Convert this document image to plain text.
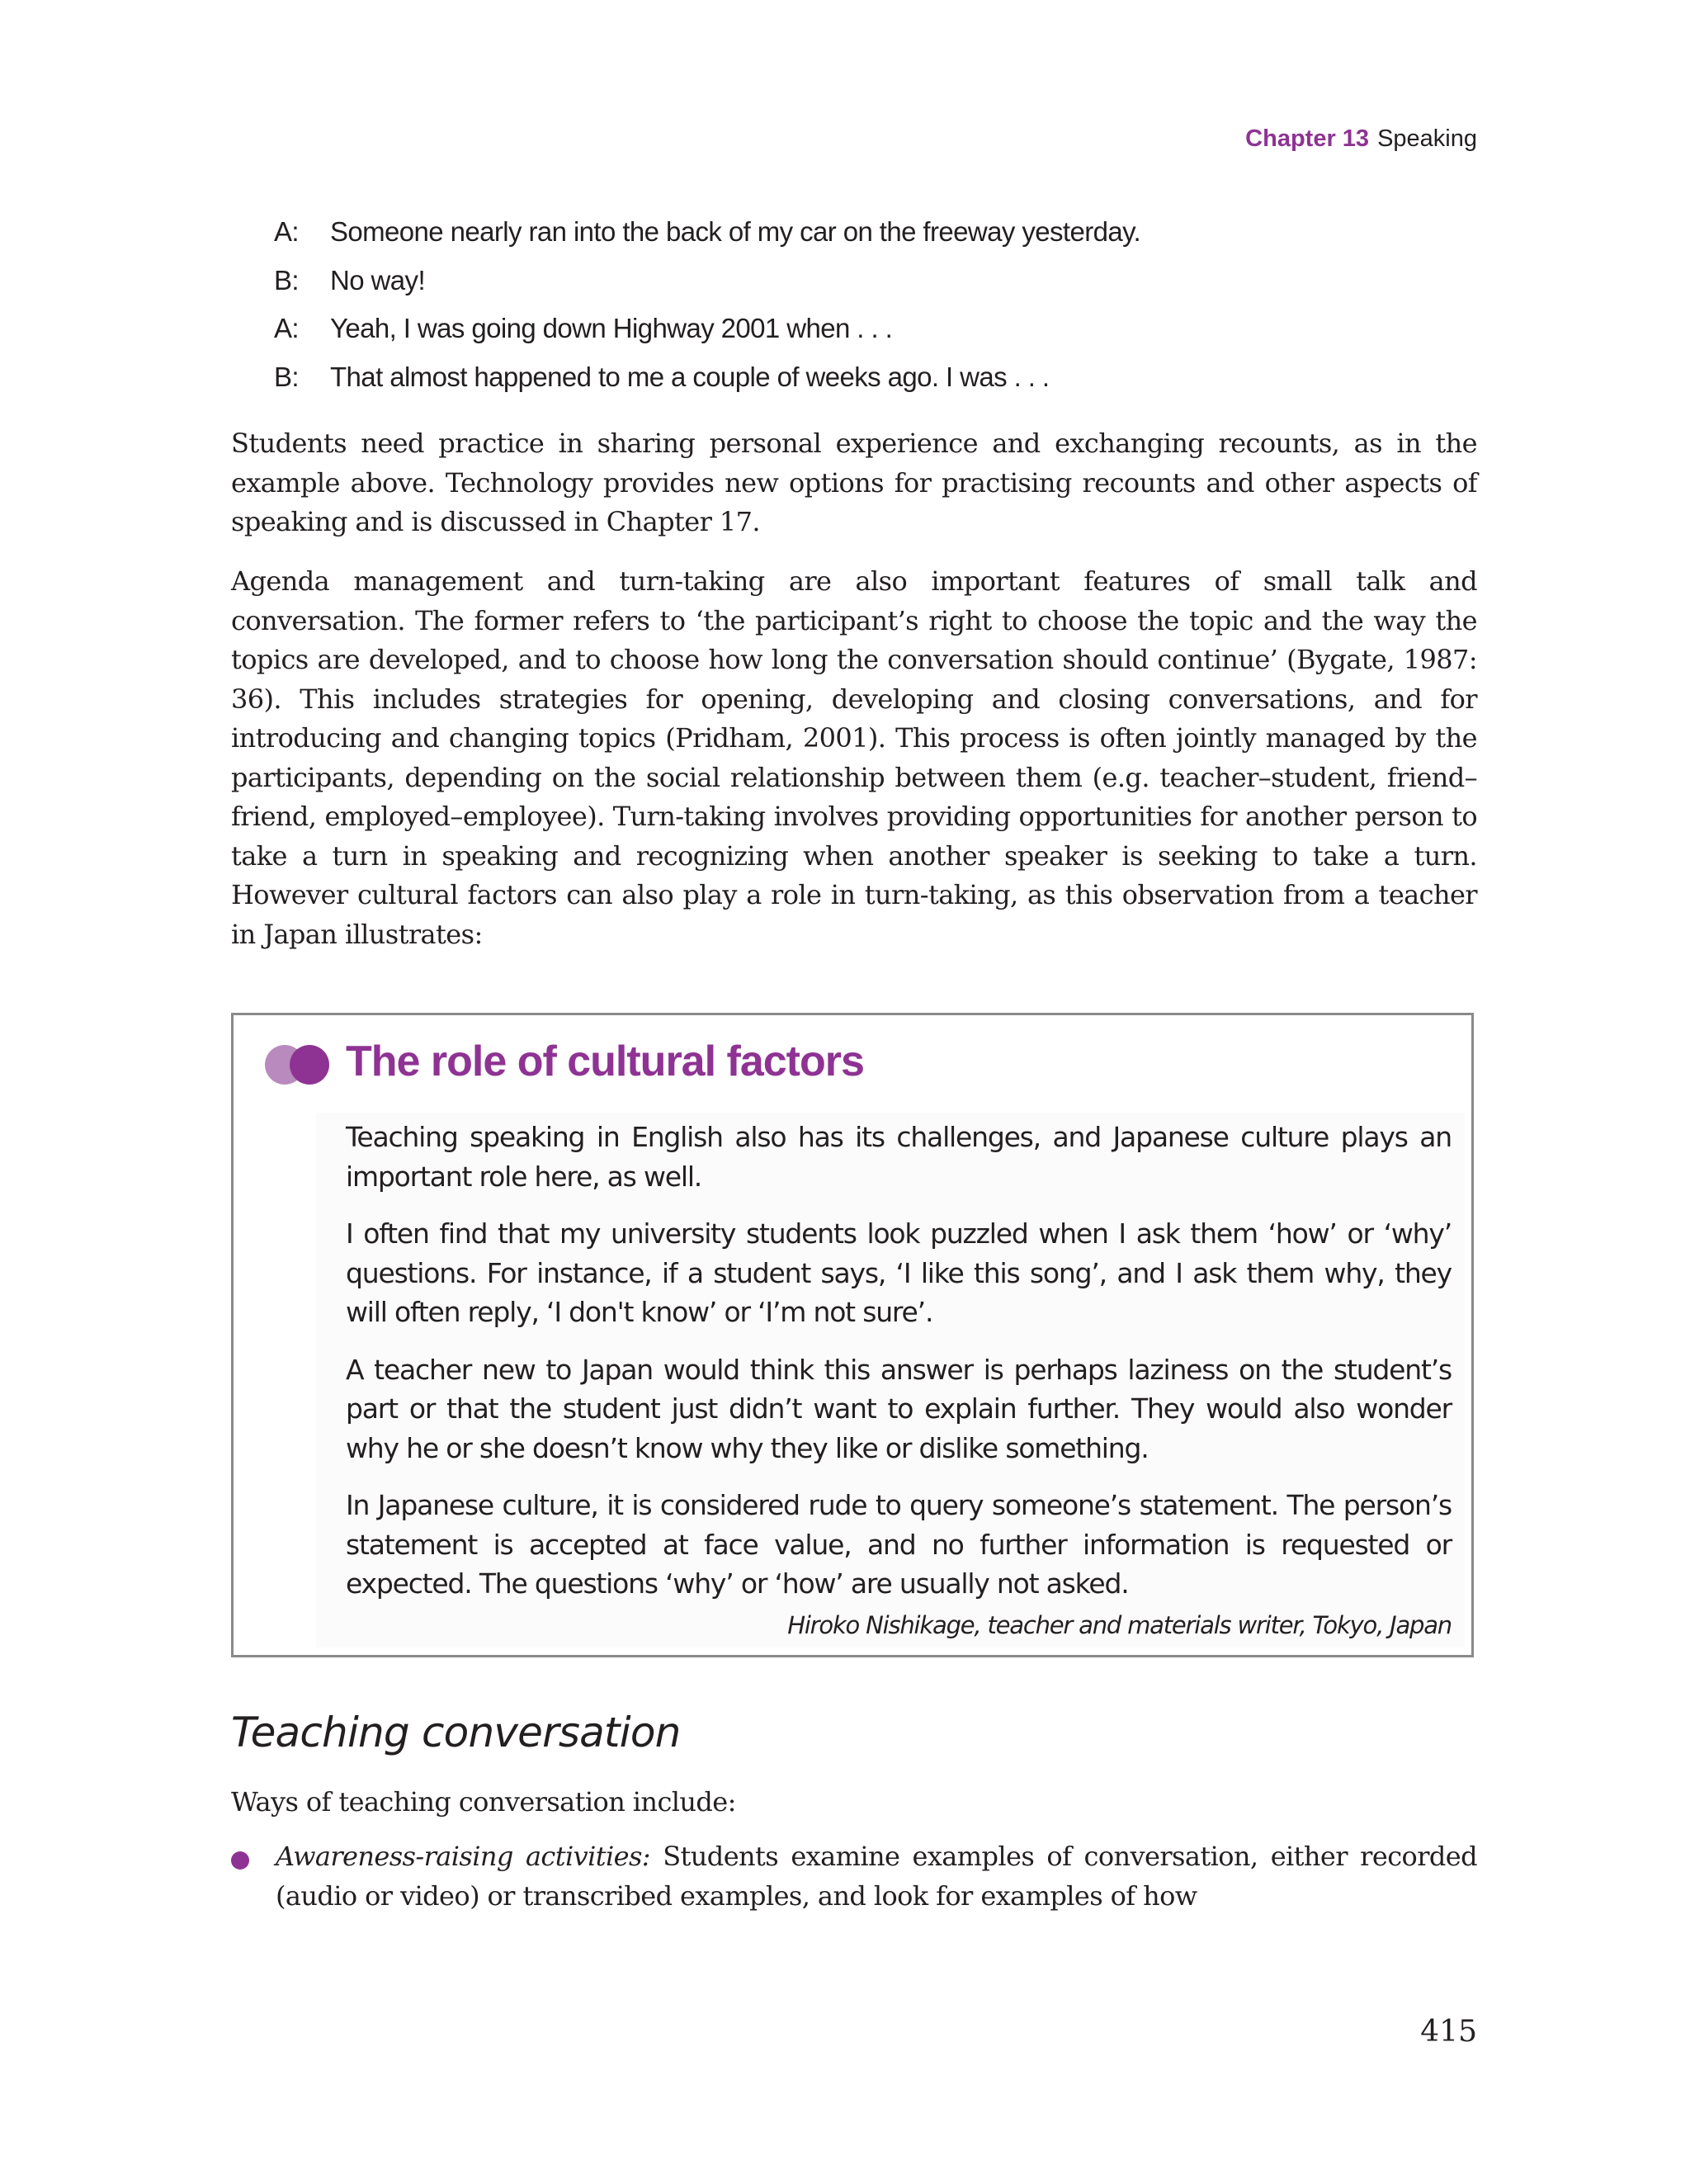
Chapter 13 Speaking
A:	Someone nearly ran into the back of my car on the freeway yesterday.
B:	No way!
A:	Yeah, I was going down Highway 2001 when . . .
B:	That almost happened to me a couple of weeks ago. I was . . .

Students need practice in sharing personal experience and exchanging recounts, as in the example above. Technology provides new options for practising recounts and other aspects of speaking and is discussed in Chapter 17.

Agenda management and turn-taking are also important features of small talk and conversation. The former refers to ‘the participant’s right to choose the topic and the way the topics are developed, and to choose how long the conversation should continue’ (Bygate, 1987: 36). This includes strategies for opening, developing and closing conversations, and for introducing and changing topics (Pridham, 2001). This process is often jointly managed by the participants, depending on the social relationship between them (e.g. teacher–student, friend–friend, employed–employee). Turn-taking involves providing opportunities for another person to take a turn in speaking and recognizing when another speaker is seeking to take a turn. However cultural factors can also play a role in turn-taking, as this observation from a teacher in Japan illustrates:

The role of cultural factors

Teaching speaking in English also has its challenges, and Japanese culture plays an important role here, as well.

I often find that my university students look puzzled when I ask them ‘how’ or ‘why’ questions. For instance, if a student says, ‘I like this song’, and I ask them why, they will often reply, ‘I don't know’ or ‘I’m not sure’.

A teacher new to Japan would think this answer is perhaps laziness on the student’s part or that the student just didn’t want to explain further. They would also wonder why he or she doesn’t know why they like or dislike something.

In Japanese culture, it is considered rude to query someone’s statement. The person’s statement is accepted at face value, and no further information is requested or expected. The questions ‘why’ or ‘how’ are usually not asked.

Hiroko Nishikage, teacher and materials writer, Tokyo, Japan

Teaching conversation

Ways of teaching conversation include:

Awareness-raising activities: Students examine examples of conversation, either recorded (audio or video) or transcribed examples, and look for examples of how

415
